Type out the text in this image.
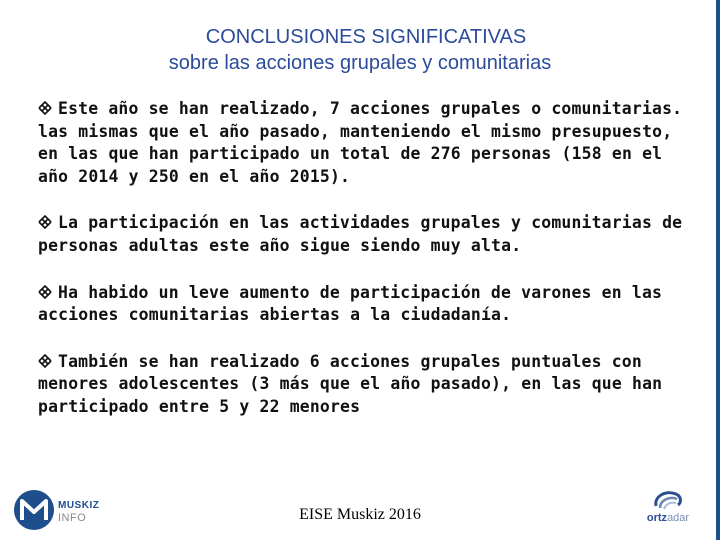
CONCLUSIONES SIGNIFICATIVAS
sobre las acciones grupales y comunitarias

Este año se han realizado, 7 acciones grupales o comunitarias. las mismas que el año pasado, manteniendo el mismo presupuesto, en las que han participado un total de 276 personas (158 en el año 2014 y 250 en el año 2015).

La participación en las actividades grupales y comunitarias de personas adultas este año sigue siendo muy alta.

Ha habido un leve aumento de participación de varones en las acciones comunitarias abiertas a la ciudadanía.

También se han realizado 6 acciones grupales puntuales con menores adolescentes (3 más que el año pasado), en las que han participado entre 5 y 22 menores

MUSKIZ
INFO	EISE Muskiz 2016	ortzadar
